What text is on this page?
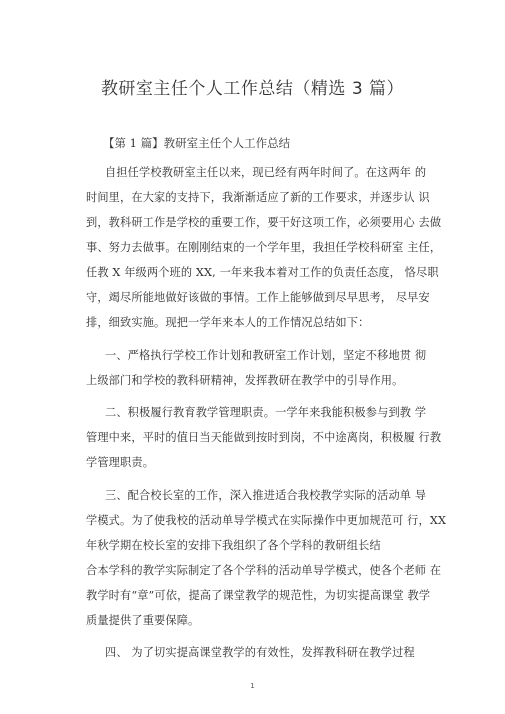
教研室主任个人工作总结（精选 3 篇）
【第 1 篇】教研室主任个人工作总结
自担任学校教研室主任以来，现已经有两年时间了。在这两年 的
时间里，在大家的支持下，我渐渐适应了新的工作要求，并逐步认 识
到，教科研工作是学校的重要工作，要干好这项工作，必须要用心 去做
事、努力去做事。在刚刚结束的一个学年里，我担任学校科研室 主任，
任教 X 年级两个班的 XX, 一年来我本着对工作的负责任态度， 恪尽职
守，竭尽所能地做好该做的事情。工作上能够做到尽早思考， 尽早安
排，细致实施。现把一学年来本人的工作情况总结如下：
一、严格执行学校工作计划和教研室工作计划，坚定不移地贯 彻
上级部门和学校的教科研精神，发挥教研在教学中的引导作用。
二、积极履行教育教学管理职责。一学年来我能积极参与到教 学
管理中来，平时的值日当天能做到按时到岗，不中途离岗，积极履 行教
学管理职责。
三、配合校长室的工作，深入推进适合我校教学实际的活动单 导
学模式。为了使我校的活动单导学模式在实际操作中更加规范可 行，XX
年秋学期在校长室的安排下我组织了各个学科的教研组长结
合本学科的教学实际制定了各个学科的活动单导学模式，使各个老师 在
教学时有“章”可依，提高了课堂教学的规范性，为切实提高课堂 教学
质量提供了重要保障。
四、 为了切实提高课堂教学的有效性，发挥教科研在教学过程
1
